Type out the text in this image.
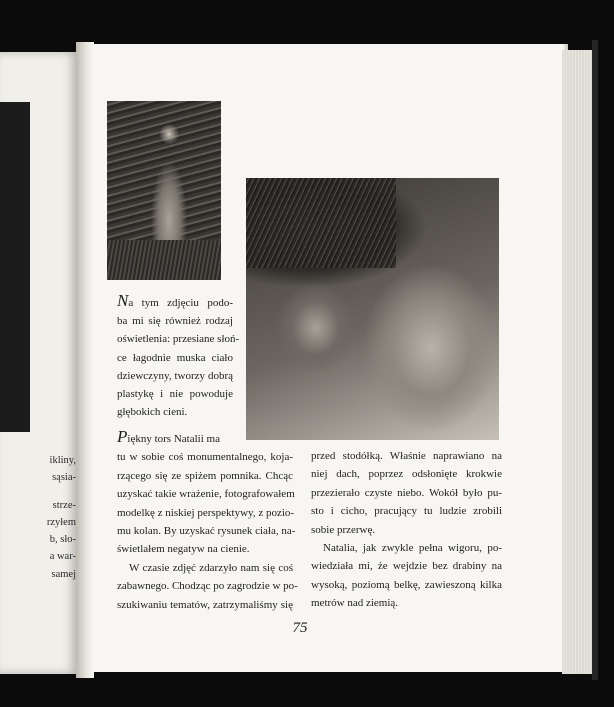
ikliny,
sąsia-
strze-
rzyłem
b, sło-
a war-
samej
Na tym zdjęciu podo-
ba mi się również rodzaj
oświetlenia: przesiane słoń-
ce łagodnie muska ciało
dziewczyny, tworzy dobrą
plastykę i nie powoduje
głębokich cieni.
Piękny tors Natalii ma
tu w sobie coś monumentalnego, koja-
rzącego się ze spiżem pomnika. Chcąc
uzyskać takie wrażenie, fotografowałem
modelkę z niskiej perspektywy, z pozio-
mu kolan. By uzyskać rysunek ciała, na-
świetlałem negatyw na cienie.
W czasie zdjęć zdarzyło nam się coś
zabawnego. Chodząc po zagrodzie w po-
szukiwaniu tematów, zatrzymaliśmy się
przed stodółką. Właśnie naprawiano na
niej dach, poprzez odsłonięte krokwie
przezierało czyste niebo. Wokół było pu-
sto i cicho, pracujący tu ludzie zrobili
sobie przerwę.
Natalia, jak zwykle pełna wigoru, po-
wiedziała mi, że wejdzie bez drabiny na
wysoką, poziomą belkę, zawieszoną kilka
metrów nad ziemią.
75
